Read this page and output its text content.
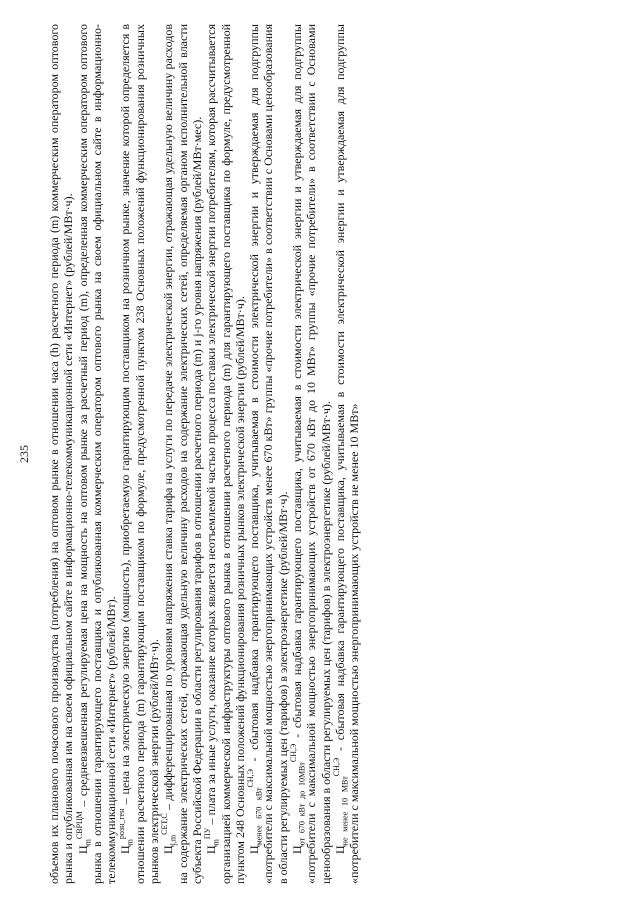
235	объемов их планового почасового производства (потребления) на оптовом рынке в отношении часа (h) расчетного периода (m) коммерческим оператором оптового рынка и опубликованная им на своем официальном сайте в информационно-телекоммуникационной сети «Интернет» (рублей/МВт·ч). $Ц_m^{СВРЦМ}$ – средневзвешенная регулируемая цена на мощность на оптовом рынке за расчетный период (m), определенная коммерческим оператором оптового рынка в отношении гарантирующего поставщика и опубликованная коммерческим оператором оптового рынка на своем официальном сайте в информационно-телекоммуникационной сети «Интернет» (рублей/МВт). $Ц_m^{розн\_ген}$ – цена на электрическую энергию (мощность), приобретаемую гарантирующим поставщиком на розничном рынке, значение которой определяется в отношении расчетного периода (m) гарантирующим поставщиком по формуле, предусмотренной пунктом 238 Основных положений функционирования розничных рынков электрической энергии (рублей/МВт·ч). $Ц_{j,m}^{СЕТ,С}$ – дифференцированная по уровням напряжения ставка тарифа на услуги по передаче электрической энергии, отражающая удельную величину расходов на содержание электрических сетей, отражающая удельную величину расходов на содержание электрических сетей, определяемая органом исполнительной власти субъекта Российской Федерации в области регулирования тарифов в отношении расчетного периода (m) и j-го уровня напряжения (рублей/МВт·мес). $Ц_m^{ПУ}$ – плата за иные услуги, оказание которых является неотъемлемой частью процесса поставки электрической энергии потребителям, которая рассчитывается организацией коммерческой инфраструктуры оптового рынка в отношении расчетного периода (m) для гарантирующего поставщика по формуле, предусмотренной пунктом 248 Основных положений функционирования розничных рынков электрической энергии (рублей/МВт·ч). $Ц_{менее 670 кВт}^{СН,Э}$ - сбытовая надбавка гарантирующего поставщика, учитываемая в стоимости электрической энергии и утверждаемая для подгруппы «потребители с максимальной мощностью энергопринимающих устройств менее 670 кВт» группы «прочие потребители» в соответствии с Основами ценообразования в области регулируемых цен (тарифов) в электроэнергетике (рублей/МВт·ч). $Ц_{от 670 кВт до 10МВт}^{СН,Э}$ - сбытовая надбавка гарантирующего поставщика, учитываемая в стоимости электрической энергии и утверждаемая для подгруппы «потребители с максимальной мощностью энергопринимающих устройств от 670 кВт до 10 МВт» группы «прочие потребители» в соответствии с Основами ценообразования в области регулируемых цен (тарифов) в электроэнергетике (рублей/МВт·ч). $Ц_{не менее 10 МВт}^{СН,Э}$ - сбытовая надбавка гарантирующего поставщика, учитываемая в стоимости электрической энергии и утверждаемая для подгруппы «потребители с максимальной мощностью энергопринимающих устройств не менее 10 МВт»
